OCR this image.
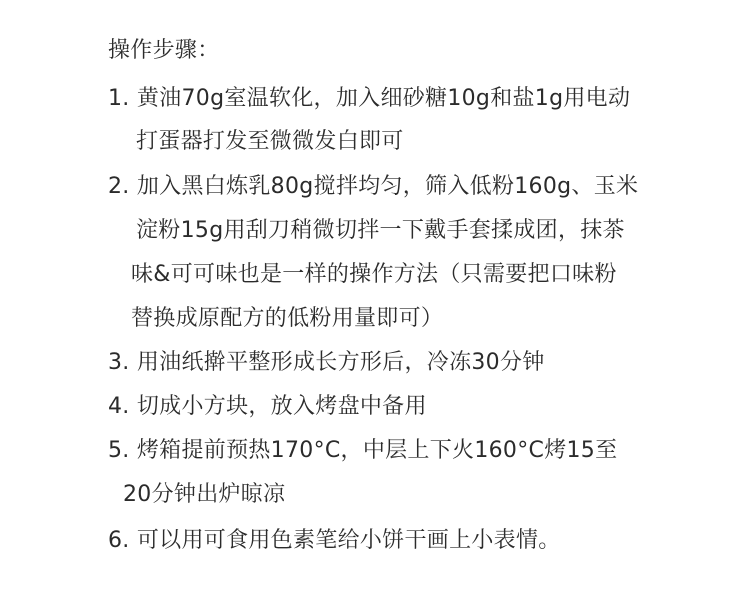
操作步骤：
1. 黄油70g室温软化，加入细砂糖10g和盐1g用电动
打蛋器打发至微微发白即可
2. 加入黑白炼乳80g搅拌均匀，筛入低粉160g、玉米
淀粉15g用刮刀稍微切拌一下戴手套揉成团，抹茶
味&可可味也是一样的操作方法（只需要把口味粉
替换成原配方的低粉用量即可）
3. 用油纸擀平整形成长方形后，冷冻30分钟
4. 切成小方块，放入烤盘中备用
5. 烤箱提前预热170°C，中层上下火160°C烤15至
20分钟出炉晾凉
6. 可以用可食用色素笔给小饼干画上小表情。
